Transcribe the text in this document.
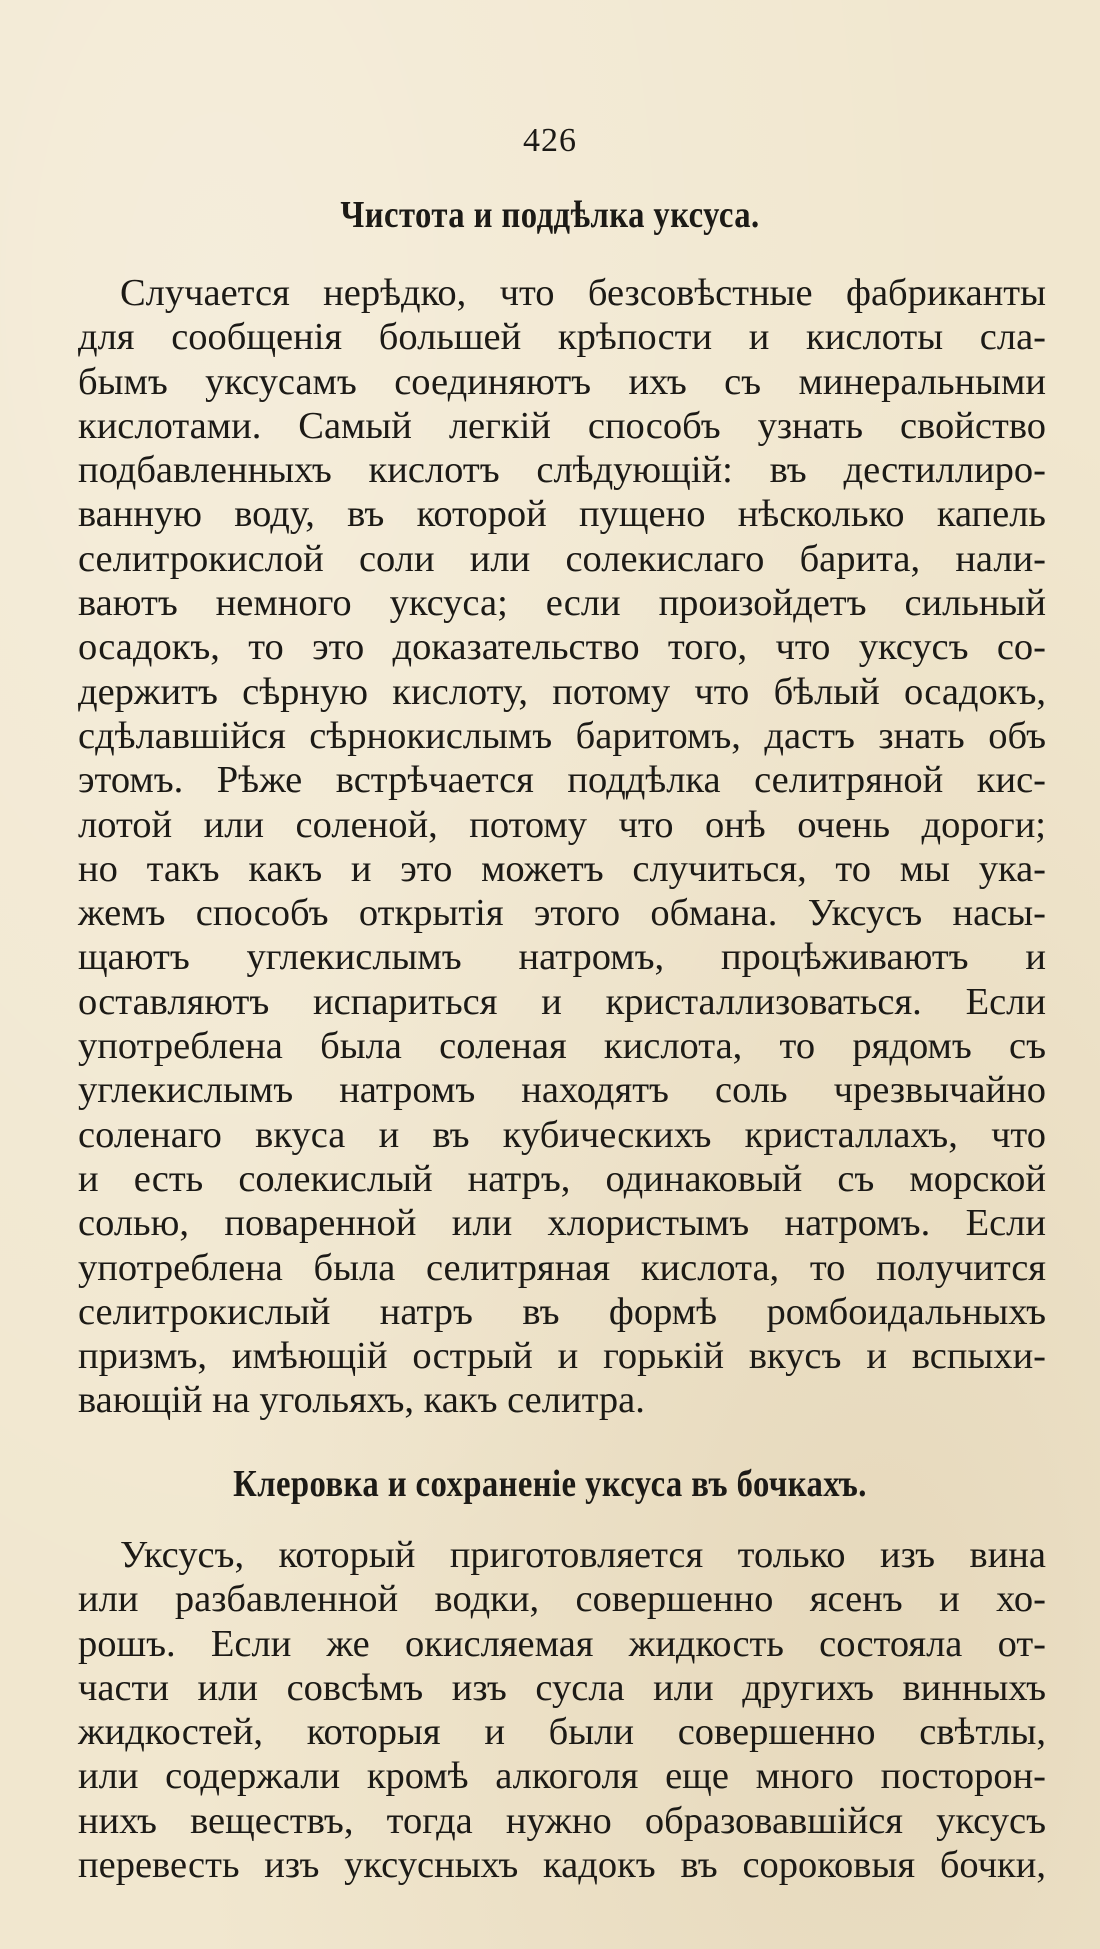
426
Чистота и поддѣлка уксуса.
Случается нерѣдко, что безсовѣстные фабриканты
для сообщенія большей крѣпости и кислоты сла-
бымъ уксусамъ соединяютъ ихъ съ минеральными
кислотами. Самый легкій способъ узнать свойство
подбавленныхъ кислотъ слѣдующій: въ дестиллиро-
ванную воду, въ которой пущено нѣсколько капель
селитрокислой соли или солекислаго барита, нали-
ваютъ немного уксуса; если произойдетъ сильный
осадокъ, то это доказательство того, что уксусъ со-
держитъ сѣрную кислоту, потому что бѣлый осадокъ,
сдѣлавшійся сѣрнокислымъ баритомъ, дастъ знать объ
этомъ. Рѣже встрѣчается поддѣлка селитряной кис-
лотой или соленой, потому что онѣ очень дороги;
но такъ какъ и это можетъ случиться, то мы ука-
жемъ способъ открытія этого обмана. Уксусъ насы-
щаютъ углекислымъ натромъ, процѣживаютъ и
оставляютъ испариться и кристаллизоваться. Если
употреблена была соленая кислота, то рядомъ съ
углекислымъ натромъ находятъ соль чрезвычайно
соленаго вкуса и въ кубическихъ кристаллахъ, что
и есть солекислый натръ, одинаковый съ морской
солью, поваренной или хлористымъ натромъ. Если
употреблена была селитряная кислота, то получится
селитрокислый натръ въ формѣ ромбоидальныхъ
призмъ, имѣющій острый и горькій вкусъ и вспыхи-
вающій на угольяхъ, какъ селитра.
Клеровка и сохраненіе уксуса въ бочкахъ.
Уксусъ, который приготовляется только изъ вина
или разбавленной водки, совершенно ясенъ и хо-
рошъ. Если же окисляемая жидкость состояла от-
части или совсѣмъ изъ сусла или другихъ винныхъ
жидкостей, которыя и были совершенно свѣтлы,
или содержали кромѣ алкоголя еще много посторон-
нихъ веществъ, тогда нужно образовавшійся уксусъ
перевесть изъ уксусныхъ кадокъ въ сороковыя бочки,
